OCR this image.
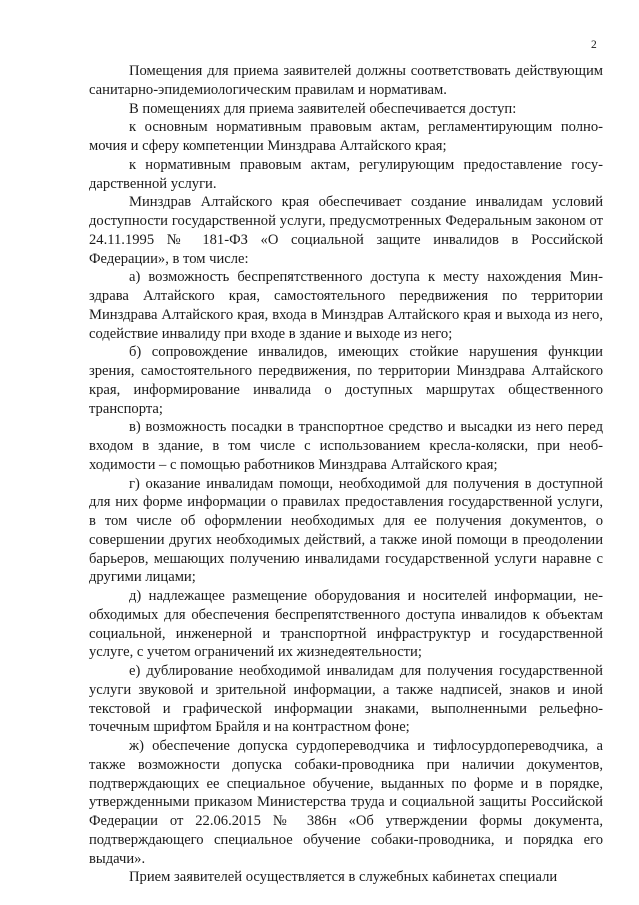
2

Помещения для приема заявителей должны соответствовать действующим санитарно-эпидемиологическим правилам и нормативам.

В помещениях для приема заявителей обеспечивается доступ:

к основным нормативным правовым актам, регламентирующим полномочия и сферу компетенции Минздрава Алтайского края;

к нормативным правовым актам, регулирующим предоставление государственной услуги.

Минздрав Алтайского края обеспечивает создание инвалидам условий доступности государственной услуги, предусмотренных Федеральным законом от 24.11.1995 № 181-ФЗ «О социальной защите инвалидов в Российской Федерации», в том числе:

а) возможность беспрепятственного доступа к месту нахождения Минздрава Алтайского края, самостоятельного передвижения по территории Минздрава Алтайского края, входа в Минздрав Алтайского края и выхода из него, содействие инвалиду при входе в здание и выходе из него;

б) сопровождение инвалидов, имеющих стойкие нарушения функции зрения, самостоятельного передвижения, по территории Минздрава Алтайского края, информирование инвалида о доступных маршрутах общественного транспорта;

в) возможность посадки в транспортное средство и высадки из него перед входом в здание, в том числе с использованием кресла-коляски, при необходимости – с помощью работников Минздрава Алтайского края;

г) оказание инвалидам помощи, необходимой для получения в доступной для них форме информации о правилах предоставления государственной услуги, в том числе об оформлении необходимых для ее получения документов, о совершении других необходимых действий, а также иной помощи в преодолении барьеров, мешающих получению инвалидами государственной услуги наравне с другими лицами;

д) надлежащее размещение оборудования и носителей информации, необходимых для обеспечения беспрепятственного доступа инвалидов к объектам социальной, инженерной и транспортной инфраструктур и государственной услуге, с учетом ограничений их жизнедеятельности;

е) дублирование необходимой инвалидам для получения государственной услуги звуковой и зрительной информации, а также надписей, знаков и иной текстовой и графической информации знаками, выполненными рельефно-точечным шрифтом Брайля и на контрастном фоне;

ж) обеспечение допуска сурдопереводчика и тифлосурдопереводчика, а также возможности допуска собаки-проводника при наличии документов, подтверждающих ее специальное обучение, выданных по форме и в порядке, утвержденными приказом Министерства труда и социальной защиты Российской Федерации от 22.06.2015 № 386н «Об утверждении формы документа, подтверждающего специальное обучение собаки-проводника, и порядка его выдачи».

Прием заявителей осуществляется в служебных кабинетах специали
